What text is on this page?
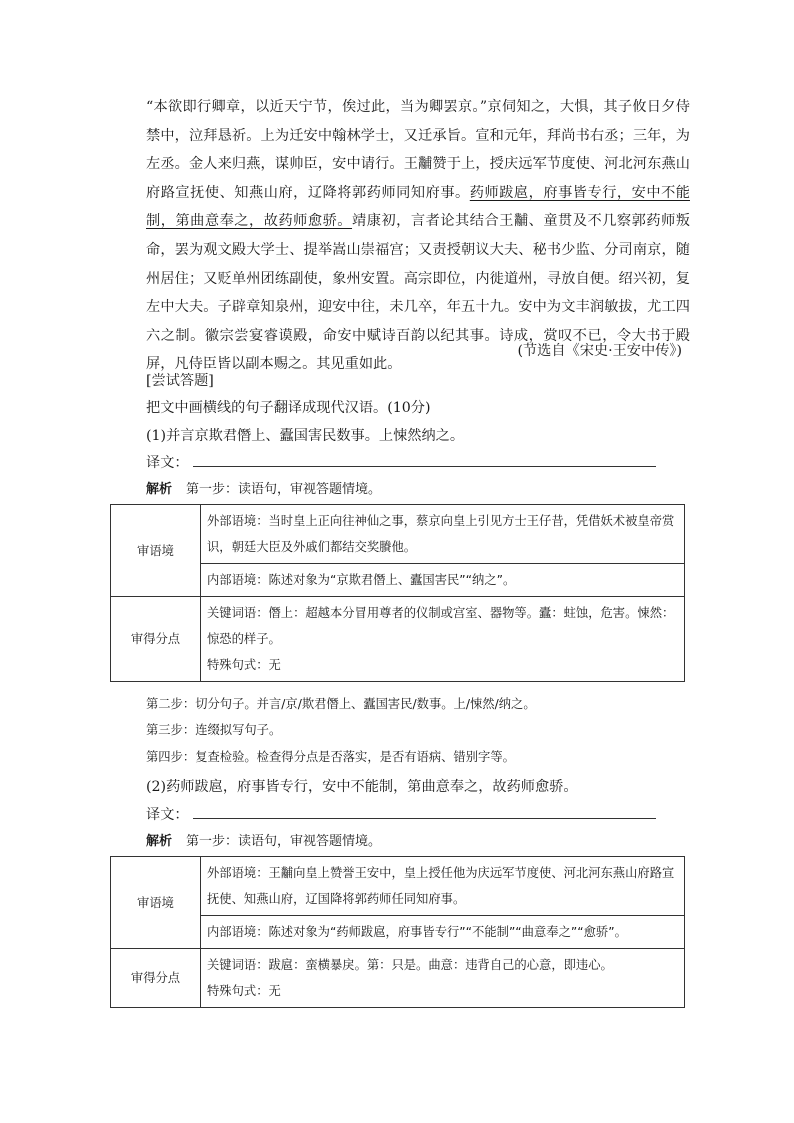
“本欲即行卿章，以近天宁节，俟过此，当为卿罢京。”京伺知之，大惧，其子攸日夕侍禁中，泣拜恳祈。上为迁安中翰林学士，又迁承旨。宣和元年，拜尚书右丞；三年，为左丞。金人来归燕，谋帅臣，安中请行。王黼赞于上，授庆远军节度使、河北河东燕山府路宣抚使、知燕山府，辽降将郭药师同知府事。药师跋扈，府事皆专行，安中不能制，第曲意奉之，故药师愈骄。靖康初，言者论其结合王黼、童贯及不几察郭药师叛命，罢为观文殿大学士、提举嵩山崇福宫；又责授朝议大夫、秘书少监、分司南京，随州居住；又贬单州团练副使，象州安置。高宗即位，内徙道州，寻放自便。绍兴初，复左中大夫。子辟章知泉州，迎安中往，未几卒，年五十九。安中为文丰润敏拔，尤工四六之制。徽宗尝宴睿谟殿，命安中赋诗百韵以纪其事。诗成，赏叹不已，令大书于殿屏，凡侍臣皆以副本赐之。其见重如此。

(节选自《宋史·王安中传》)
[尝试答题]
把文中画横线的句子翻译成现代汉语。(10分)
(1)并言京欺君僭上、蠹国害民数事。上悚然纳之。
译文：
解析 第一步：读语句，审视答题情境。
审语境	外部语境：当时皇上正向往神仙之事，蔡京向皇上引见方士王仔昔，凭借妖术被皇帝赏识，朝廷大臣及外戚们都结交奖賸他。
	内部语境：陈述对象为“京欺君僭上、蠹国害民”“纳之”。
审得分点	关键词语：僭上：超越本分冒用尊者的仪制或宫室、器物等。蠹：蛀蚀，危害。悚然：惊恐的样子。
特殊句式：无
第二步：切分句子。并言/京/欺君僭上、蠹国害民/数事。上/悚然/纳之。
第三步：连缀拟写句子。
第四步：复查检验。检查得分点是否落实，是否有语病、错别字等。
(2)药师跋扈，府事皆专行，安中不能制，第曲意奉之，故药师愈骄。
译文：
解析 第一步：读语句，审视答题情境。
审语境	外部语境：王黼向皇上赞誉王安中，皇上授任他为庆远军节度使、河北河东燕山府路宣抚使、知燕山府，辽国降将郭药师任同知府事。
	内部语境：陈述对象为“药师跋扈，府事皆专行”“不能制”“曲意奉之”“愈骄”。
审得分点	关键词语：跋扈：蛮横暴戾。第：只是。曲意：违背自己的心意，即违心。
特殊句式：无
